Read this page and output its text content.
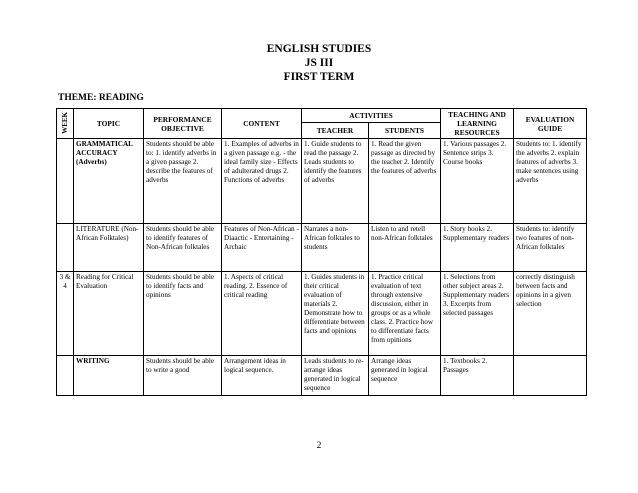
ENGLISH STUDIES
JS III
FIRST TERM
THEME: READING
WEEK	TOPIC	PERFORMANCE OBJECTIVE	CONTENT	ACTIVITIES		TEACHING AND LEARNING RESOURCES	EVALUATION GUIDE
				TEACHER	STUDENTS		
	GRAMMATICAL ACCURACY (Adverbs)	Students should be able to: 1. identify adverbs in a given passage 2. describe the features of adverbs	1. Examples of adverbs in a given passage e.g. - the ideal family size - Effects of adulterated drugs 2. Functions of adverbs	1. Guide students to read the passage 2. Leads students to identify the features of adverbs	1. Read the given passage as directed by the teacher 2. Identify the features of adverbs	1. Various passages 2. Sentence strips 3. Course books	Students to: 1. identify the adverbs 2. explain features of adverbs 3. make sentences using adverbs
	LITERATURE (Non-African Folktales)	Students should be able to identify features of Non-African folktales	Features of Non-African - Diaactic - Entertaining - Archaic	Narrates a non-African folktales to students	Listen to and retell non-African folktales	1. Story books 2. Supplementary readers	Students to: identify two features of non-African folktales
3 & 4	Reading for Critical Evaluation	Students should be able to identify facts and opinions	1. Aspects of critical reading. 2. Essence of critical reading	1. Guides students in their critical evaluation of materials 2. Demonstrate how to differentiate between facts and opinions	1. Practice critical evaluation of text through extensive discussion, either in groups or as a whole class. 2. Practice how to differentiate facts from opinions	1. Selections from other subject areas 2. Supplementary readers 3. Excerpts from selected passages	correctly distinguish between facts and opinions in a given selection
	WRITING	Students should be able to write a good	Arrangement ideas in logical sequence.	Leads students to re-arrange ideas generated in logical sequence	Arrange ideas generated in logical sequence	1. Textbooks 2. Passages	
2
